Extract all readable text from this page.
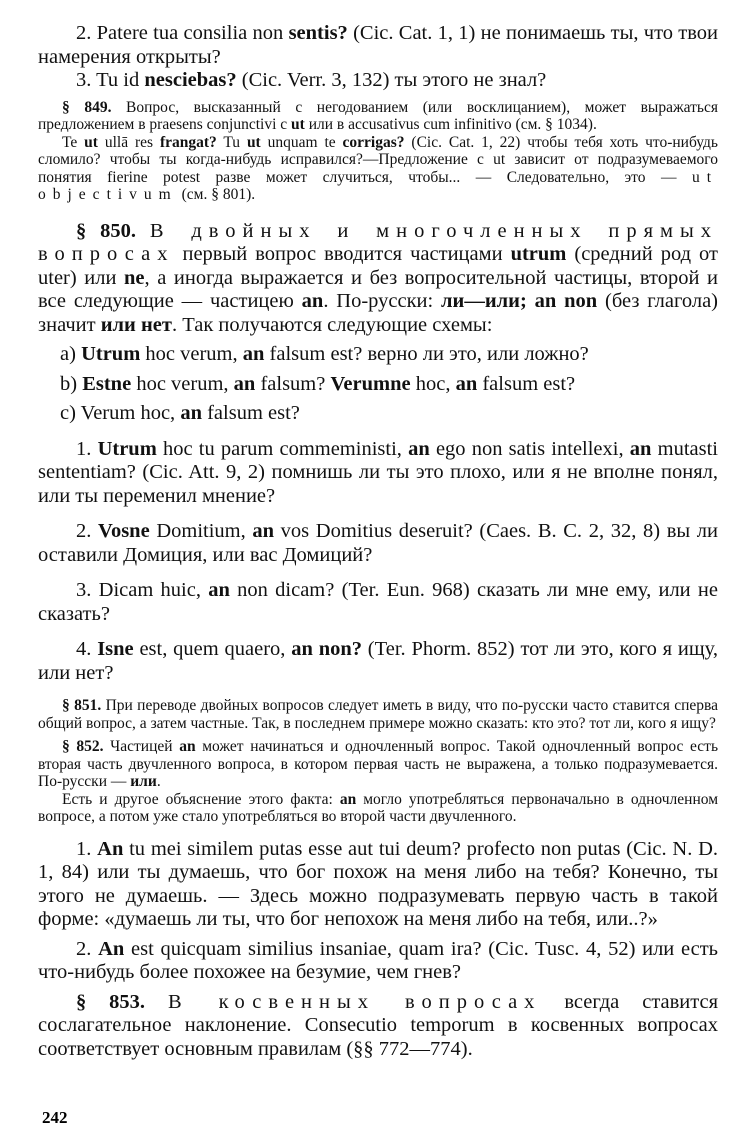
2. Patere tua consilia non sentis? (Cic. Cat. 1, 1) не понимаешь ты, что твои намерения открыты?
3. Tu id nesciebas? (Cic. Verr. 3, 132) ты этого не знал?
§ 849. Вопрос, высказанный с негодованием (или восклицанием), может выражаться предложением в praesens conjunctivi с ut или в accusativus cum infinitivo (см. § 1034).
Te ut ullā res frangat? Tu ut unquam te corrigas? (Cic. Cat. 1, 22) чтобы тебя хоть что-нибудь сломило? чтобы ты когда-нибудь исправился?—Предложение с ut зависит от подразумеваемого понятия fierine potest разве может случиться, чтобы... — Следовательно, это — ut objectivum (см. § 801).
§ 850. В двойных и многочленных прямых вопросах первый вопрос вводится частицами utrum (средний род от uter) или ne, а иногда выражается и без вопросительной частицы, второй и все следующие — частицею an. По-русски: ли—или; an non (без глагола) значит или нет. Так получаются следующие схемы:
a) Utrum hoc verum, an falsum est? верно ли это, или ложно?
b) Estne hoc verum, an falsum? Verumne hoc, an falsum est?
c) Verum hoc, an falsum est?
1. Utrum hoc tu parum commeministi, an ego non satis intellexi, an mutasti sententiam? (Cic. Att. 9, 2) помнишь ли ты это плохо, или я не вполне понял, или ты переменил мнение?
2. Vosne Domitium, an vos Domitius deseruit? (Caes. B. C. 2, 32, 8) вы ли оставили Домиция, или вас Домиций?
3. Dicam huic, an non dicam? (Ter. Eun. 968) сказать ли мне ему, или не сказать?
4. Isne est, quem quaero, an non? (Ter. Phorm. 852) тот ли это, кого я ищу, или нет?
§ 851. При переводе двойных вопросов следует иметь в виду, что по-русски часто ставится сперва общий вопрос, а затем частные. Так, в последнем примере можно сказать: кто это? тот ли, кого я ищу?
§ 852. Частицей an может начинаться и одночленный вопрос. Такой одночленный вопрос есть вторая часть двучленного вопроса, в котором первая часть не выражена, а только подразумевается. По-русски — или.
Есть и другое объяснение этого факта: an могло употребляться первоначально в одночленном вопросе, а потом уже стало употребляться во второй части двучленного.
1. An tu mei similem putas esse aut tui deum? profecto non putas (Cic. N. D. 1, 84) или ты думаешь, что бог похож на меня либо на тебя? Конечно, ты этого не думаешь. — Здесь можно подразумевать первую часть в такой форме: «думаешь ли ты, что бог непохож на меня либо на тебя, или..?»
2. An est quicquam similius insaniae, quam ira? (Cic. Tusc. 4, 52) или есть что-нибудь более похожее на безумие, чем гнев?
§ 853. В косвенных вопросах всегда ставится сослагательное наклонение. Consecutio temporum в косвенных вопросах соответствует основным правилам (§§ 772—774).
242
